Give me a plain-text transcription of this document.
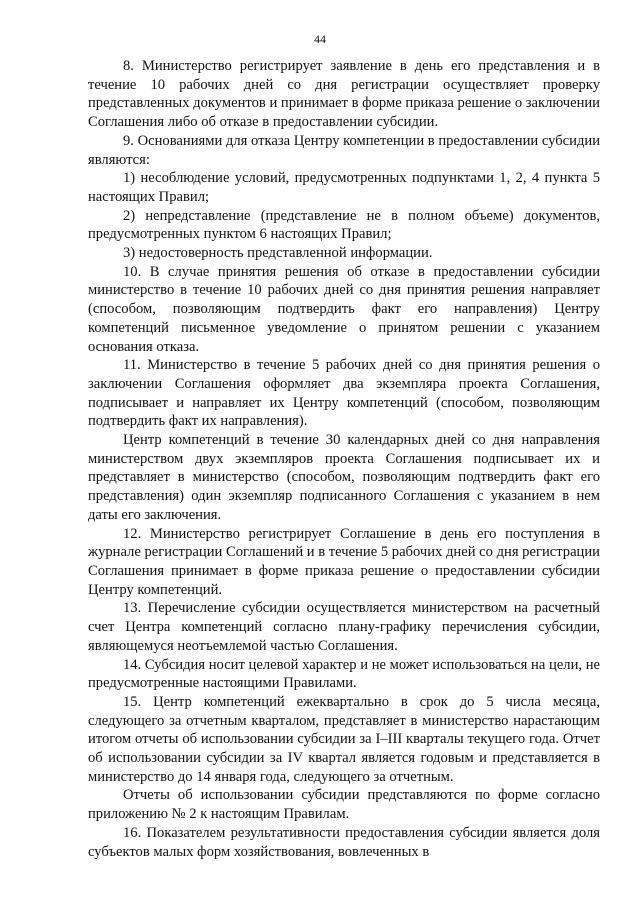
44

8. Министерство регистрирует заявление в день его представления и в течение 10 рабочих дней со дня регистрации осуществляет проверку представленных документов и принимает в форме приказа решение о заключении Соглашения либо об отказе в предоставлении субсидии.

9. Основаниями для отказа Центру компетенции в предоставлении субсидии являются:

1) несоблюдение условий, предусмотренных подпунктами 1, 2, 4 пункта 5 настоящих Правил;

2) непредставление (представление не в полном объеме) документов, предусмотренных пунктом 6 настоящих Правил;

3) недостоверность представленной информации.

10. В случае принятия решения об отказе в предоставлении субсидии министерство в течение 10 рабочих дней со дня принятия решения направляет (способом, позволяющим подтвердить факт его направления) Центру компетенций письменное уведомление о принятом решении с указанием основания отказа.

11. Министерство в течение 5 рабочих дней со дня принятия решения о заключении Соглашения оформляет два экземпляра проекта Соглашения, подписывает и направляет их Центру компетенций (способом, позволяющим подтвердить факт их направления).

Центр компетенций в течение 30 календарных дней со дня направления министерством двух экземпляров проекта Соглашения подписывает их и представляет в министерство (способом, позволяющим подтвердить факт его представления) один экземпляр подписанного Соглашения с указанием в нем даты его заключения.

12. Министерство регистрирует Соглашение в день его поступления в журнале регистрации Соглашений и в течение 5 рабочих дней со дня регистрации Соглашения принимает в форме приказа решение о предоставлении субсидии Центру компетенций.

13. Перечисление субсидии осуществляется министерством на расчетный счет Центра компетенций согласно плану-графику перечисления субсидии, являющемуся неотъемлемой частью Соглашения.

14. Субсидия носит целевой характер и не может использоваться на цели, не предусмотренные настоящими Правилами.

15. Центр компетенций ежеквартально в срок до 5 числа месяца, следующего за отчетным кварталом, представляет в министерство нарастающим итогом отчеты об использовании субсидии за I–III кварталы текущего года. Отчет об использовании субсидии за IV квартал является годовым и представляется в министерство до 14 января года, следующего за отчетным.

Отчеты об использовании субсидии представляются по форме согласно приложению № 2 к настоящим Правилам.

16. Показателем результативности предоставления субсидии является доля субъектов малых форм хозяйствования, вовлеченных в
